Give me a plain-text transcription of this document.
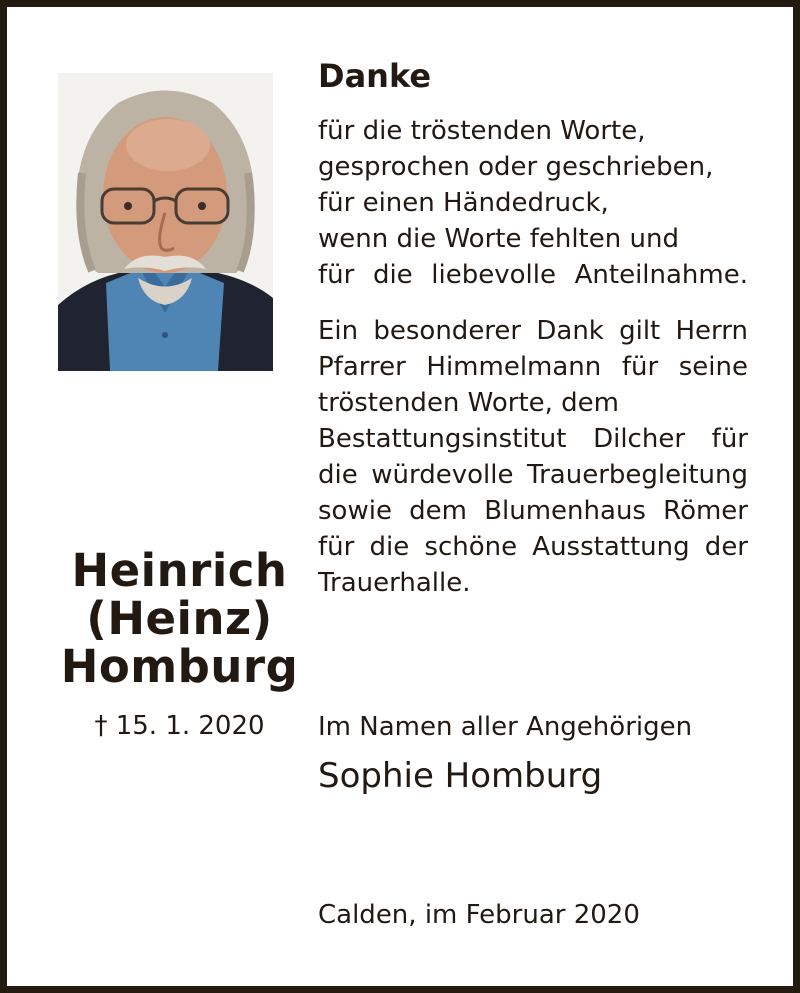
Heinrich
(Heinz)
Homburg
† 15. 1. 2020
Danke
für die tröstenden Worte,
gesprochen oder geschrieben,
für einen Händedruck,
wenn die Worte fehlten und
für die liebevolle Anteilnahme.
Ein besonderer Dank gilt Herrn
Pfarrer Himmelmann für seine
tröstenden Worte, dem
Bestattungsinstitut Dilcher für
die würdevolle Trauerbegleitung
sowie dem Blumenhaus Römer
für die schöne Ausstattung der
Trauerhalle.
Im Namen aller Angehörigen
Sophie Homburg
Calden, im Februar 2020
